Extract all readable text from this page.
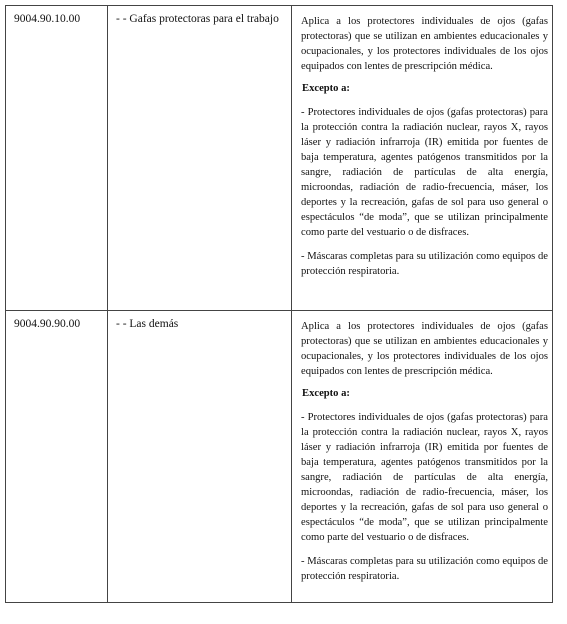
9004.90.10.00	- - Gafas protectoras para el trabajo	Aplica a los protectores individuales de ojos (gafas protectoras) que se utilizan en ambientes educacionales y ocupacionales, y los protectores individuales de los ojos equipados con lentes de prescripción médica.

Excepto a:

- Protectores individuales de ojos (gafas protectoras) para la protección contra la radiación nuclear, rayos X, rayos láser y radiación infrarroja (IR) emitida por fuentes de baja temperatura, agentes patógenos transmitidos por la sangre, radiación de partículas de alta energía, microondas, radiación de radio-frecuencia, máser, los deportes y la recreación, gafas de sol para uso general o espectáculos “de moda”, que se utilizan principalmente como parte del vestuario o de disfraces.

- Máscaras completas para su utilización como equipos de protección respiratoria.

9004.90.90.00	- - Las demás	Aplica a los protectores individuales de ojos (gafas protectoras) que se utilizan en ambientes educacionales y ocupacionales, y los protectores individuales de los ojos equipados con lentes de prescripción médica.

Excepto a:

- Protectores individuales de ojos (gafas protectoras) para la protección contra la radiación nuclear, rayos X, rayos láser y radiación infrarroja (IR) emitida por fuentes de baja temperatura, agentes patógenos transmitidos por la sangre, radiación de partículas de alta energía, microondas, radiación de radio-frecuencia, máser, los deportes y la recreación, gafas de sol para uso general o espectáculos “de moda”, que se utilizan principalmente como parte del vestuario o de disfraces.

- Máscaras completas para su utilización como equipos de protección respiratoria.
